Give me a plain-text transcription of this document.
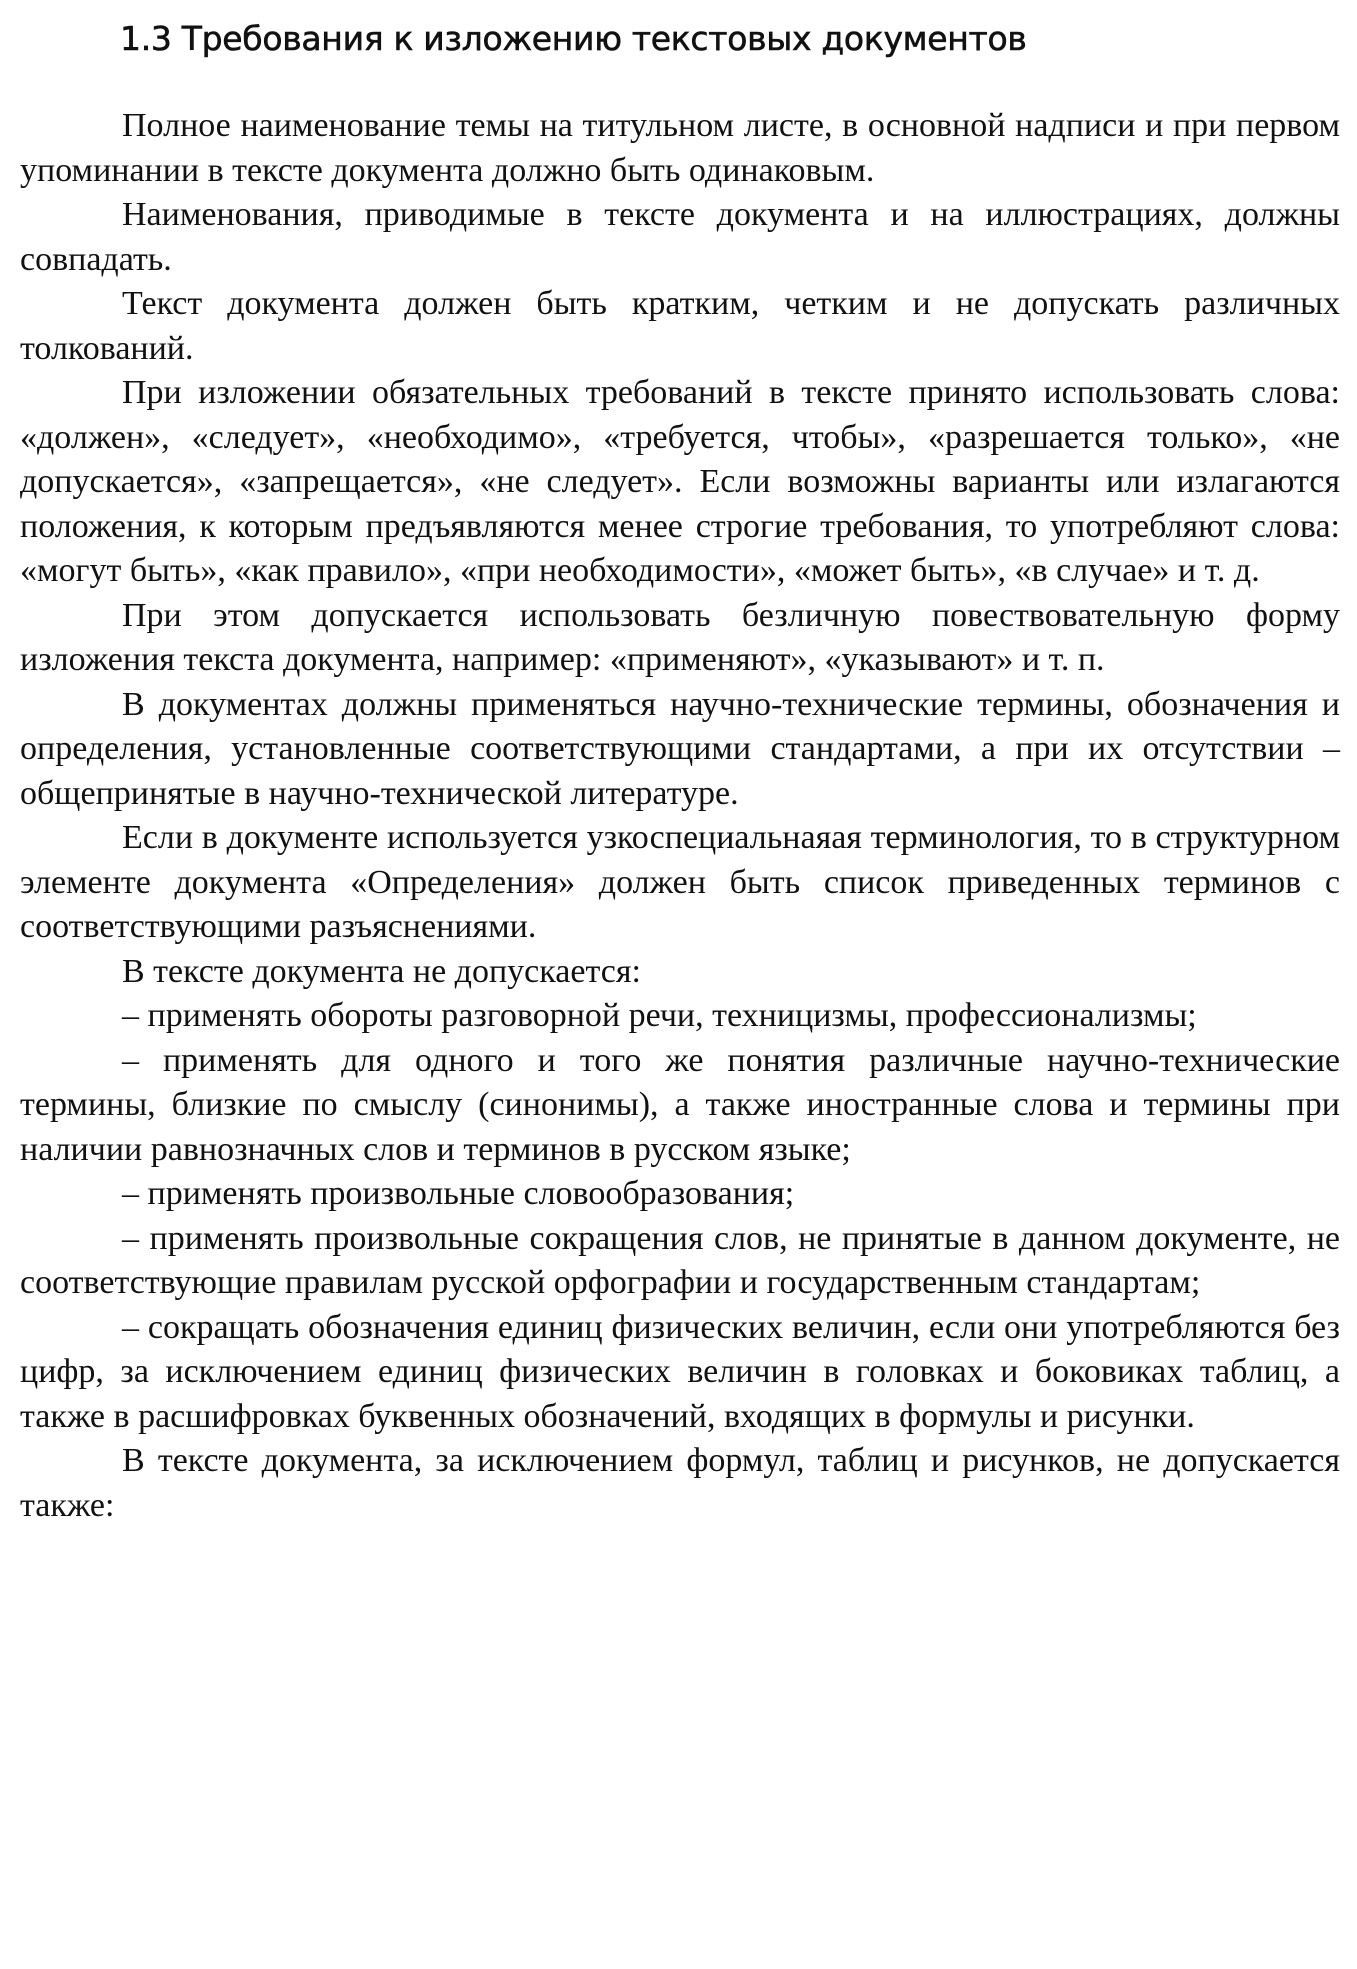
1.3 Требования к изложению текстовых документов

Полное наименование темы на титульном листе, в основной надписи и при первом упоминании в тексте документа должно быть одинаковым.

Наименования, приводимые в тексте документа и на иллюстрациях, должны совпадать.

Текст документа должен быть кратким, четким и не допускать различных толкований.

При изложении обязательных требований в тексте принято использовать слова: «должен», «следует», «необходимо», «требуется, чтобы», «разрешается только», «не допускается», «запрещается», «не следует». Если возможны варианты или излагаются положения, к которым предъявляются менее строгие требования, то употребляют слова: «могут быть», «как правило», «при необходимости», «может быть», «в случае» и т. д.

При этом допускается использовать безличную повествовательную форму изложения текста документа, например: «применяют», «указывают» и т. п.

В документах должны применяться научно-технические термины, обозначения и определения, установленные соответствующими стандартами, а при их отсутствии – общепринятые в научно-технической литературе.

Если в документе используется узкоспециальнаяая терминология, то в структурном элементе документа «Определения» должен быть список приведенных терминов с соответствующими разъяснениями.

В тексте документа не допускается:

– применять обороты разговорной речи, техницизмы, профессионализмы;

– применять для одного и того же понятия различные научно-технические термины, близкие по смыслу (синонимы), а также иностранные слова и термины при наличии равнозначных слов и терминов в русском языке;

– применять произвольные словообразования;

– применять произвольные сокращения слов, не принятые в данном документе, не соответствующие правилам русской орфографии и государственным стандартам;

– сокращать обозначения единиц физических величин, если они употребляются без цифр, за исключением единиц физических величин в головках и боковиках таблиц, а также в расшифровках буквенных обозначений, входящих в формулы и рисунки.

В тексте документа, за исключением формул, таблиц и рисунков, не допускается также:
